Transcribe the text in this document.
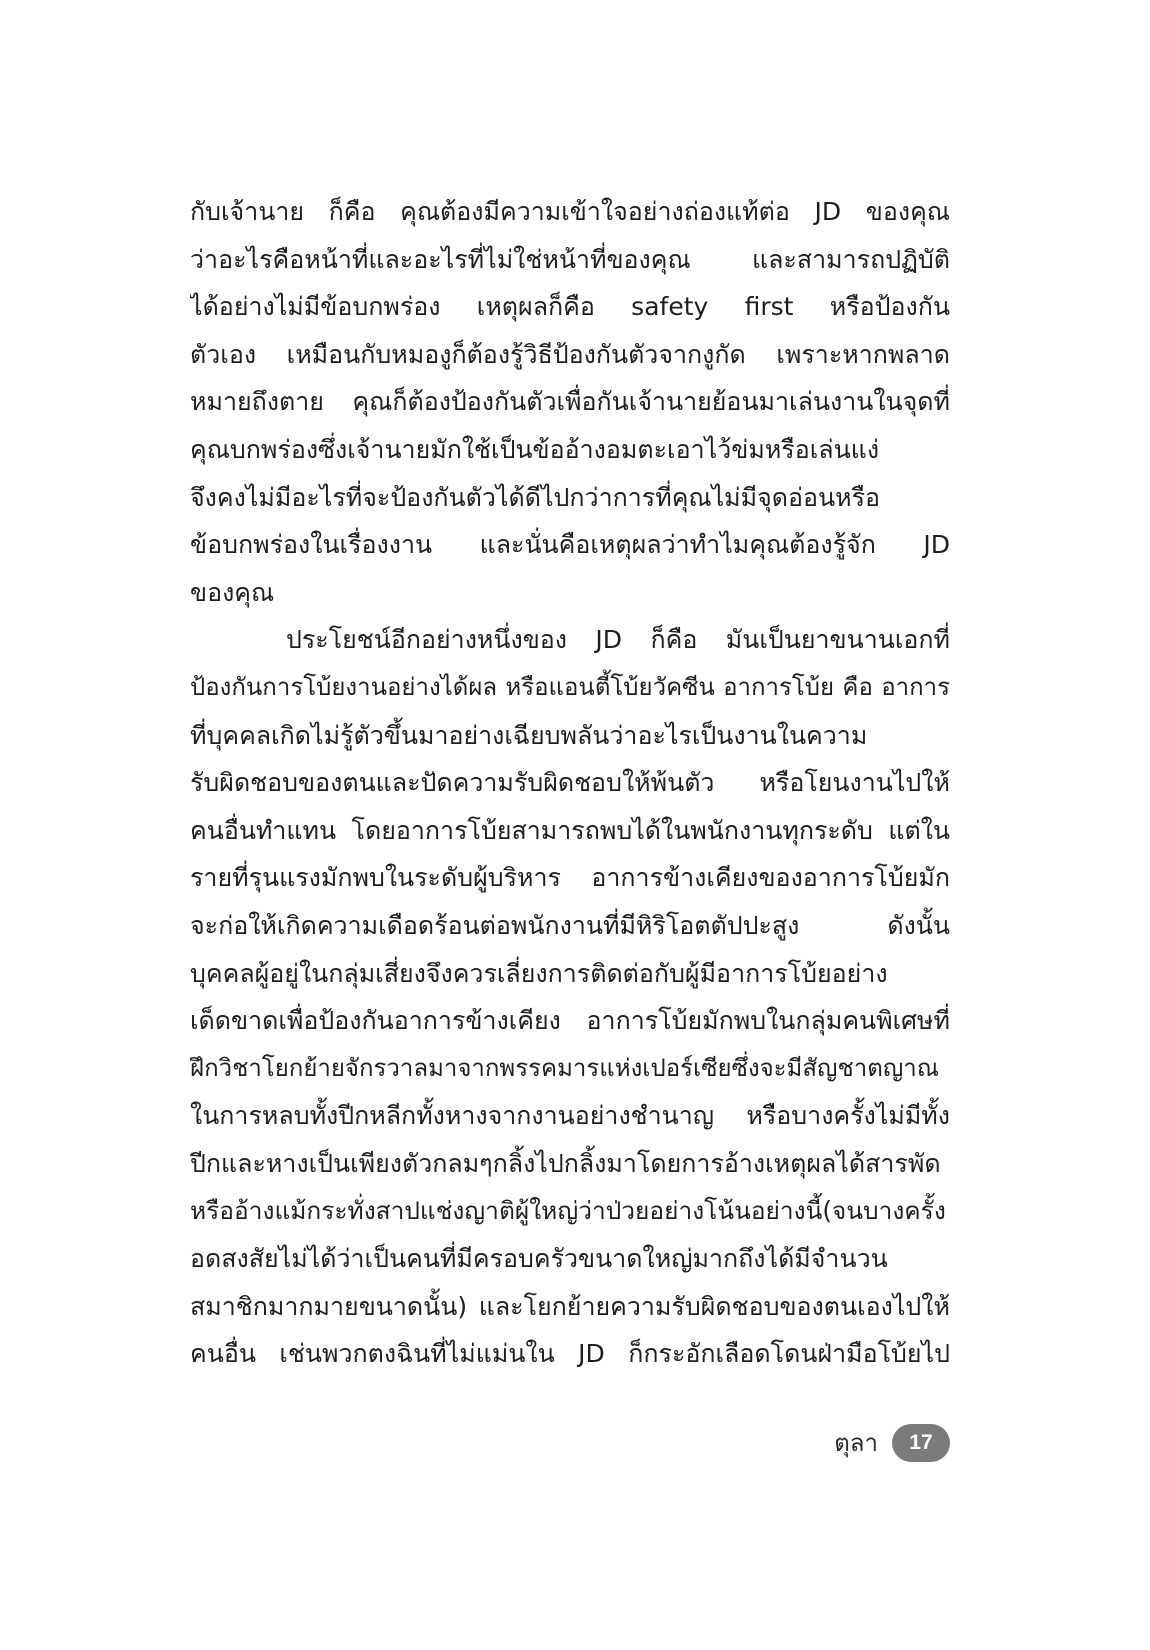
กับเจ้านาย ก็คือ คุณต้องมีความเข้าใจอย่างถ่องแท้ต่อ JD ของคุณ
ว่าอะไรคือหน้าที่และอะไรที่ไม่ใช่หน้าที่ของคุณ และสามารถปฏิบัติ
ได้อย่างไม่มีข้อบกพร่อง เหตุผลก็คือ safety first หรือป้องกัน
ตัวเอง เหมือนกับหมองูก็ต้องรู้วิธีป้องกันตัวจากงูกัด เพราะหากพลาด
หมายถึงตาย คุณก็ต้องป้องกันตัวเพื่อกันเจ้านายย้อนมาเล่นงานในจุดที่
คุณบกพร่องซึ่งเจ้านายมักใช้เป็นข้ออ้างอมตะเอาไว้ข่มหรือเล่นแง่
จึงคงไม่มีอะไรที่จะป้องกันตัวได้ดีไปกว่าการที่คุณไม่มีจุดอ่อนหรือ
ข้อบกพร่องในเรื่องงาน และนั่นคือเหตุผลว่าทำไมคุณต้องรู้จัก JD
ของคุณ
ประโยชน์อีกอย่างหนึ่งของ JD ก็คือ มันเป็นยาขนานเอกที่
ป้องกันการโบ้ยงานอย่างได้ผล หรือแอนตี้โบ้ยวัคซีน อาการโบ้ย คือ อาการ
ที่บุคคลเกิดไม่รู้ตัวขึ้นมาอย่างเฉียบพลันว่าอะไรเป็นงานในความ
รับผิดชอบของตนและปัดความรับผิดชอบให้พ้นตัว หรือโยนงานไปให้
คนอื่นทำแทน โดยอาการโบ้ยสามารถพบได้ในพนักงานทุกระดับ แต่ใน
รายที่รุนแรงมักพบในระดับผู้บริหาร อาการข้างเคียงของอาการโบ้ยมัก
จะก่อให้เกิดความเดือดร้อนต่อพนักงานที่มีหิริโอตตัปปะสูง ดังนั้น
บุคคลผู้อยู่ในกลุ่มเสี่ยงจึงควรเลี่ยงการติดต่อกับผู้มีอาการโบ้ยอย่าง
เด็ดขาดเพื่อป้องกันอาการข้างเคียง อาการโบ้ยมักพบในกลุ่มคนพิเศษที่
ฝึกวิชาโยกย้ายจักรวาลมาจากพรรคมารแห่งเปอร์เซียซึ่งจะมีสัญชาตญาณ
ในการหลบทั้งปีกหลีกทั้งหางจากงานอย่างชำนาญ หรือบางครั้งไม่มีทั้ง
ปีกและหางเป็นเพียงตัวกลมๆกลิ้งไปกลิ้งมาโดยการอ้างเหตุผลได้สารพัด
หรืออ้างแม้กระทั่งสาปแช่งญาติผู้ใหญ่ว่าป่วยอย่างโน้นอย่างนี้(จนบางครั้ง
อดสงสัยไม่ได้ว่าเป็นคนที่มีครอบครัวขนาดใหญ่มากถึงได้มีจำนวน
สมาชิกมากมายขนาดนั้น) และโยกย้ายความรับผิดชอบของตนเองไปให้
คนอื่น เช่นพวกตงฉินที่ไม่แม่นใน JD ก็กระอักเลือดโดนฝ่ามือโบ้ยไป
ตุลา 17
